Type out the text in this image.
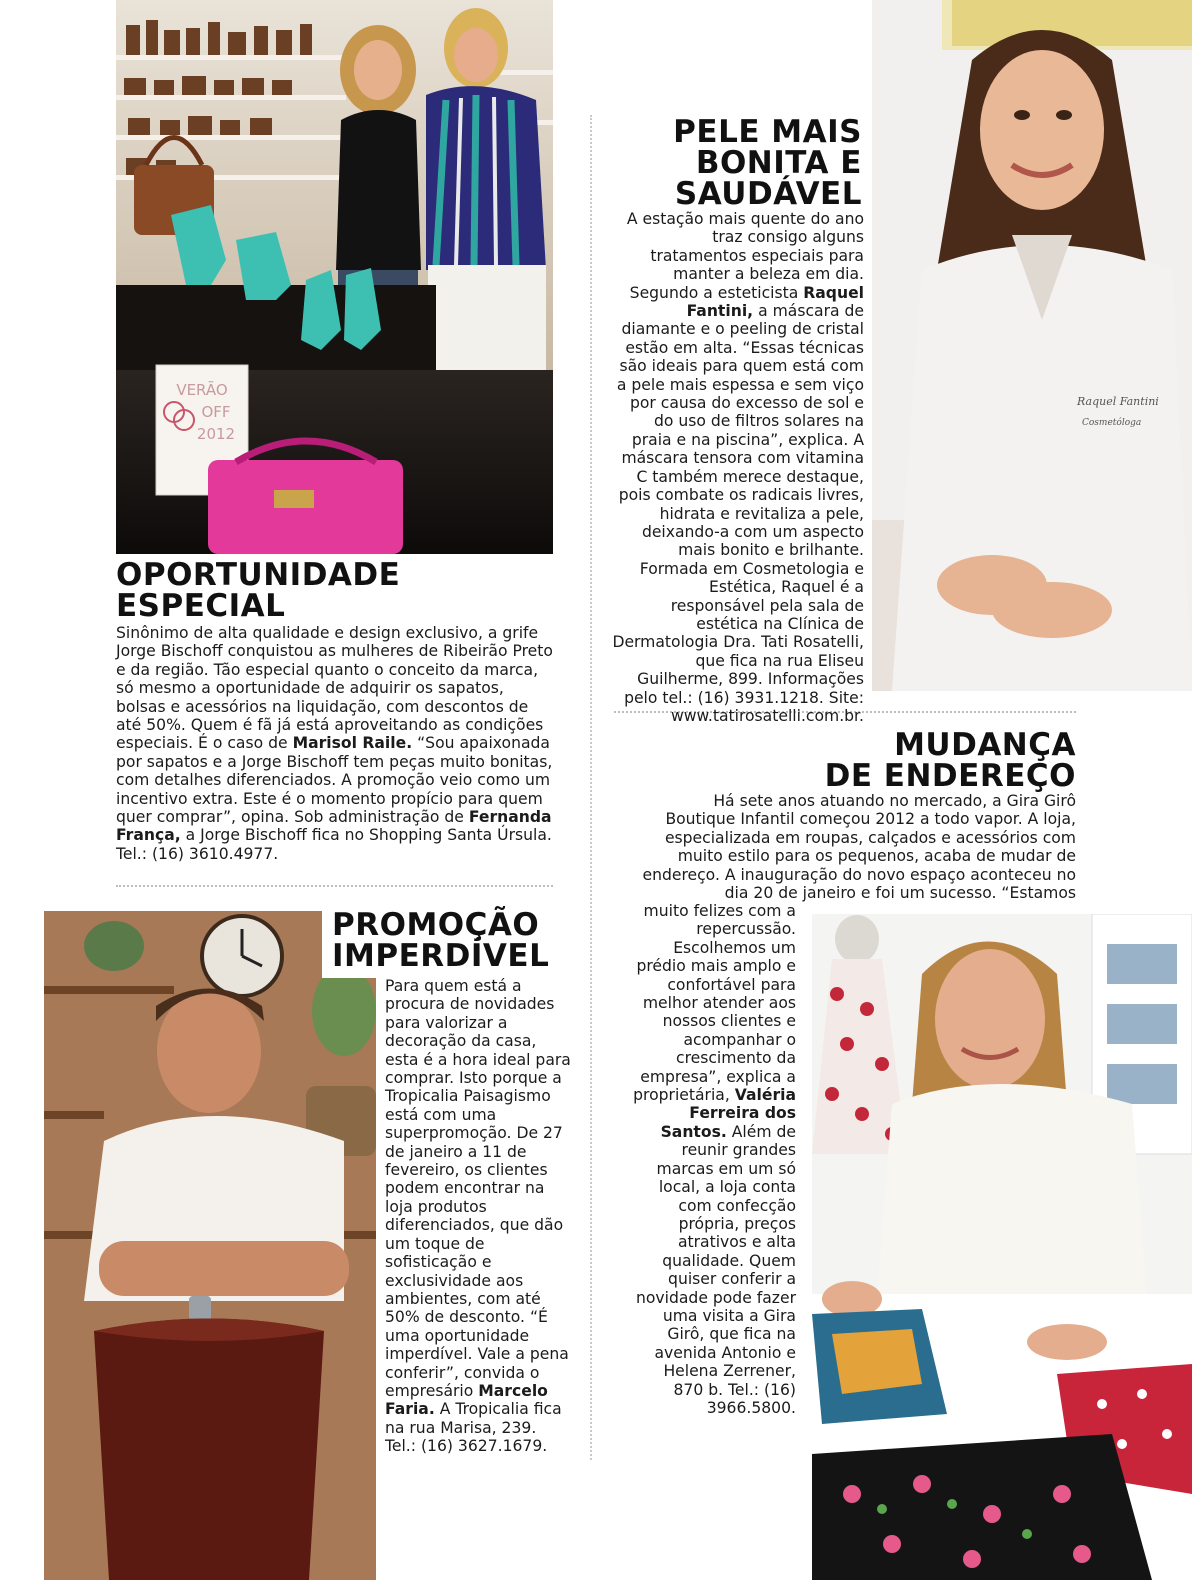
VERÃO
OFF
2012
Raquel Fantini
Cosmetóloga
OPORTUNIDADE
ESPECIAL

Sinônimo de alta qualidade e design exclusivo, a grife Jorge Bischoff conquistou as mulheres de Ribeirão Preto e da região. Tão especial quanto o conceito da marca, só mesmo a oportunidade de adquirir os sapatos, bolsas e acessórios na liquidação, com descontos de até 50%. Quem é fã já está aproveitando as condições especiais. É o caso de Marisol Raile. “Sou apaixonada por sapatos e a Jorge Bischoff tem peças muito bonitas, com detalhes diferenciados. A promoção veio como um incentivo extra. Este é o momento propício para quem quer comprar”, opina. Sob administração de Fernanda França, a Jorge Bischoff fica no Shopping Santa Úrsula. Tel.: (16) 3610.4977.

PELE MAIS
BONITA E
SAUDÁVEL

A estação mais quente do ano traz consigo alguns tratamentos especiais para manter a beleza em dia. Segundo a esteticista Raquel Fantini, a máscara de diamante e o peeling de cristal estão em alta. “Essas técnicas são ideais para quem está com a pele mais espessa e sem viço por causa do excesso de sol e do uso de filtros solares na praia e na piscina”, explica. A máscara tensora com vitamina C também merece destaque, pois combate os radicais livres, hidrata e revitaliza a pele, deixando-a com um aspecto mais bonito e brilhante. Formada em Cosmetologia e Estética, Raquel é a responsável pela sala de estética na Clínica de Dermatologia Dra. Tati Rosatelli, que fica na rua Eliseu Guilherme, 899. Informações pelo tel.: (16) 3931.1218. Site: www.tatirosatelli.com.br.

PROMOÇÃO
IMPERDÍVEL

Para quem está a procura de novidades para valorizar a decoração da casa, esta é a hora ideal para comprar. Isto porque a Tropicalia Paisagismo está com uma superpromoção. De 27 de janeiro a 11 de fevereiro, os clientes podem encontrar na loja produtos diferenciados, que dão um toque de sofisticação e exclusividade aos ambientes, com até 50% de desconto. “É uma oportunidade imperdível. Vale a pena conferir”, convida o empresário Marcelo Faria. A Tropicalia fica na rua Marisa, 239. Tel.: (16) 3627.1679.

MUDANÇA
DE ENDEREÇO

Há sete anos atuando no mercado, a Gira Girô Boutique Infantil começou 2012 a todo vapor. A loja, especializada em roupas, calçados e acessórios com muito estilo para os pequenos, acaba de mudar de endereço. A inauguração do novo espaço aconteceu no dia 20 de janeiro e foi um sucesso. “Estamos

muito felizes com a repercussão. Escolhemos um prédio mais amplo e confortável para melhor atender aos nossos clientes e acompanhar o crescimento da empresa”, explica a proprietária, Valéria Ferreira dos Santos. Além de reunir grandes marcas em um só local, a loja conta com confecção própria, preços atrativos e alta qualidade. Quem quiser conferir a novidade pode fazer uma visita a Gira Girô, que fica na avenida Antonio e Helena Zerrener, 870 b. Tel.: (16) 3966.5800.
